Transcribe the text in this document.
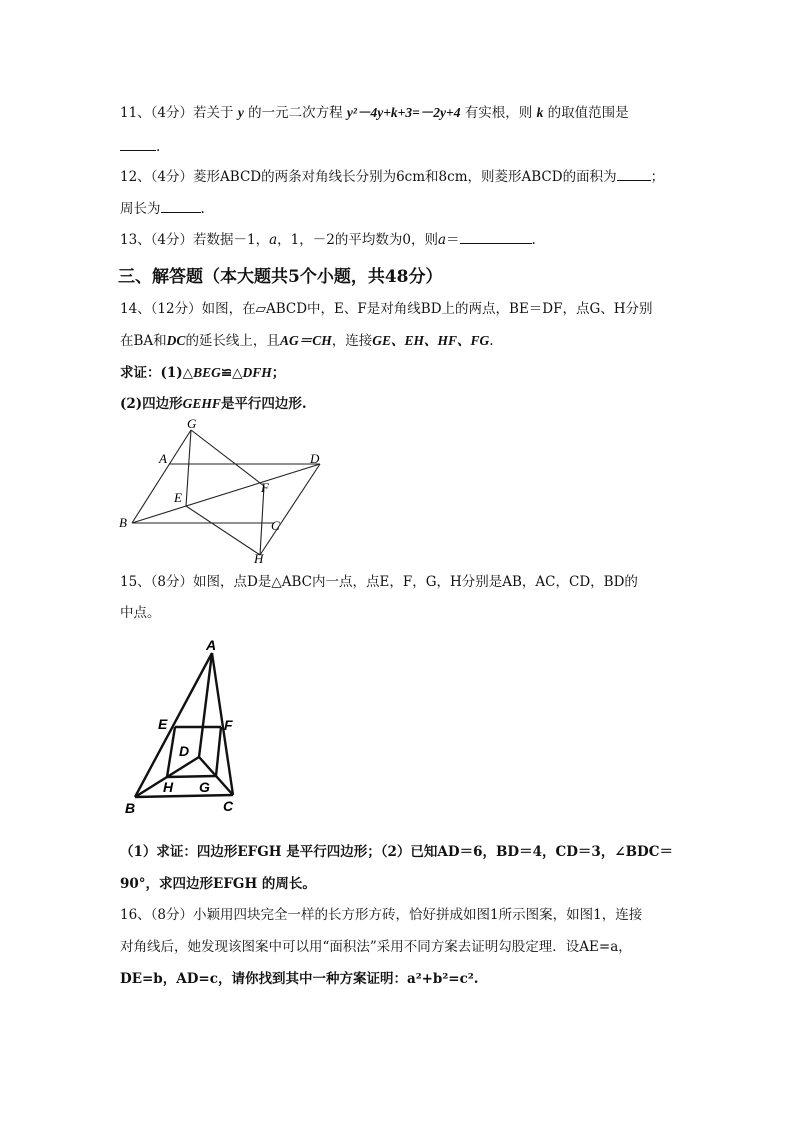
11、（4分）若关于 y 的一元二次方程 y²－4y+k+3=－2y+4 有实根，则 k 的取值范围是
.
12、（4分）菱形ABCD的两条对角线长分别为6cm和8cm，则菱形ABCD的面积为	；
周长为	.
13、（4分）若数据－1，a，1，－2的平均数为0，则a＝	.
三、解答题（本大题共5个小题，共48分）
14、（12分）如图，在▱ABCD中，E、F是对角线BD上的两点，BE＝DF，点G、H分别
在BA和DC的延长线上，且AG＝CH，连接GE、EH、HF、FG.
求证：(1)△BEG≌△DFH；
(2)四边形GEHF是平行四边形.
G
A	D
E
F
B	C
H
15、（8分）如图，点D是△ABC内一点，点E，F，G，H分别是AB，AC，CD，BD的
中点。
A
E	F
D
H G
B	C
（1）求证：四边形EFGH 是平行四边形；（2）已知AD＝6，BD＝4，CD＝3，∠BDC＝
90°，求四边形EFGH 的周长。
16、（8分）小颖用四块完全一样的长方形方砖，恰好拼成如图1所示图案，如图1，连接
对角线后，她发现该图案中可以用“面积法”采用不同方案去证明勾股定理．设AE=a，
DE=b，AD=c，请你找到其中一种方案证明：a²+b²=c².
